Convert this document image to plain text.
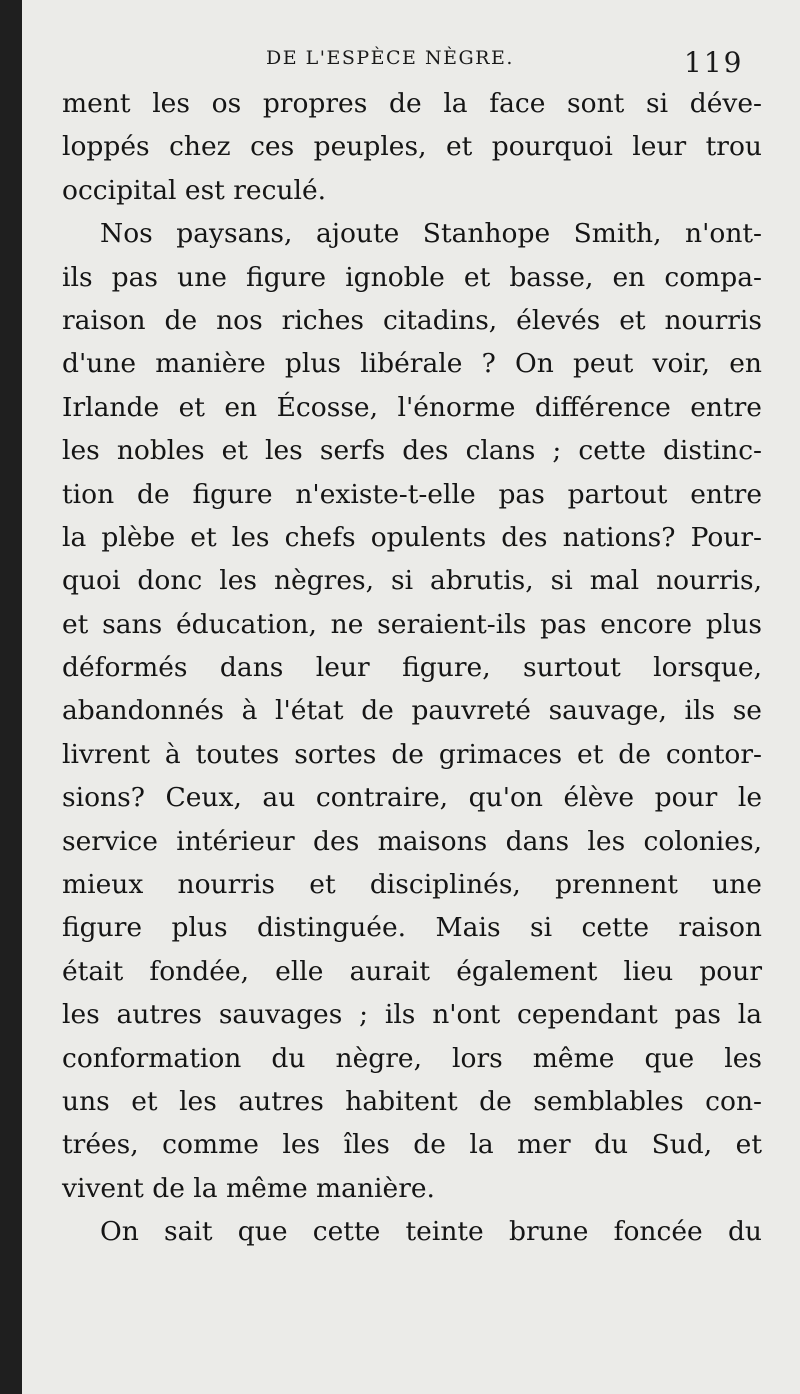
DE L'ESPÈCE NÈGRE.	119
ment les os propres de la face sont si déve-
loppés chez ces peuples, et pourquoi leur trou
occipital est reculé.
Nos paysans, ajoute Stanhope Smith, n'ont-
ils pas une figure ignoble et basse, en compa-
raison de nos riches citadins, élevés et nourris
d'une manière plus libérale ? On peut voir, en
Irlande et en Écosse, l'énorme différence entre
les nobles et les serfs des clans ; cette distinc-
tion de figure n'existe-t-elle pas partout entre
la plèbe et les chefs opulents des nations? Pour-
quoi donc les nègres, si abrutis, si mal nourris,
et sans éducation, ne seraient-ils pas encore plus
déformés dans leur figure, surtout lorsque,
abandonnés à l'état de pauvreté sauvage, ils se
livrent à toutes sortes de grimaces et de contor-
sions? Ceux, au contraire, qu'on élève pour le
service intérieur des maisons dans les colonies,
mieux nourris et disciplinés, prennent une
figure plus distinguée. Mais si cette raison
était fondée, elle aurait également lieu pour
les autres sauvages ; ils n'ont cependant pas la
conformation du nègre, lors même que les
uns et les autres habitent de semblables con-
trées, comme les îles de la mer du Sud, et
vivent de la même manière.
On sait que cette teinte brune foncée du
